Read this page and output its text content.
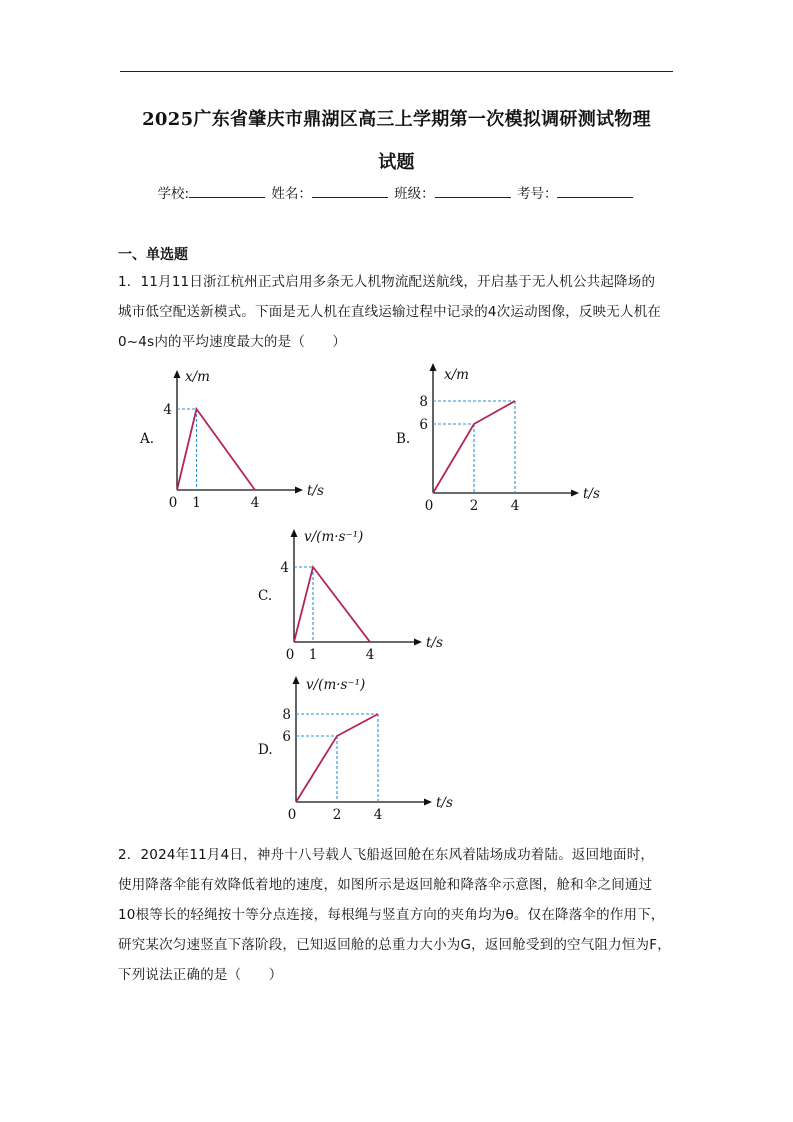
2025广东省肇庆市鼎湖区高三上学期第一次模拟调研测试物理
试题
学校:	姓名：	班级：	考号：
一、单选题
1．11月11日浙江杭州正式启用多条无人机物流配送航线，开启基于无人机公共起降场的
城市低空配送新模式。下面是无人机在直线运输过程中记录的4次运动图像，反映无人机在
0~4s内的平均速度最大的是（　　）
A.
x/m
t/s
0 1	4
4
B.
x/m
t/s
0	2 4
6
8
C.
v/(m·s⁻¹)
t/s
0 1	4
4
D.
v/(m·s⁻¹)
t/s
0	2 4
6
8
2．2024年11月4日，神舟十八号载人飞船返回舱在东风着陆场成功着陆。返回地面时，
使用降落伞能有效降低着地的速度，如图所示是返回舱和降落伞示意图，舱和伞之间通过
10根等长的轻绳按十等分点连接，每根绳与竖直方向的夹角均为θ。仅在降落伞的作用下，
研究某次匀速竖直下落阶段，已知返回舱的总重力大小为G，返回舱受到的空气阻力恒为F，
下列说法正确的是（　　）
